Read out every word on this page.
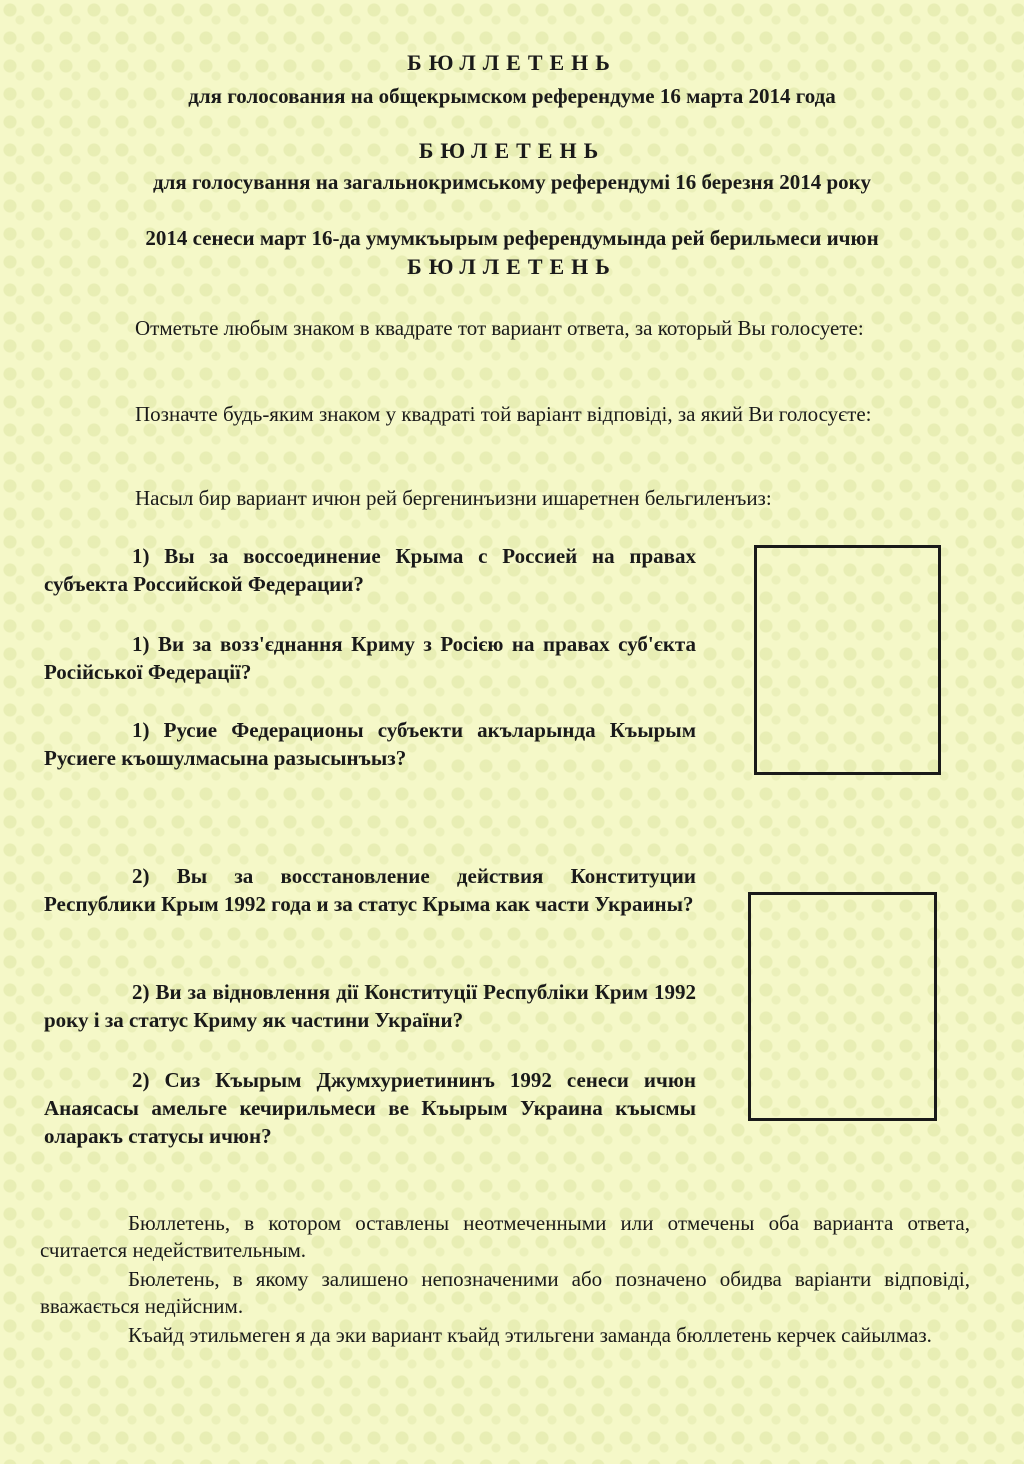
БЮЛЛЕТЕНЬ
для голосования на общекрымском референдуме 16 марта 2014 года
БЮЛЕТЕНЬ
для голосування на загальнокримському референдумі 16 березня 2014 року
2014 сенеси март 16-да умумкъырым референдумында рей берильмеси ичюн
БЮЛЛЕТЕНЬ
Отметьте любым знаком в квадрате тот вариант ответа, за который Вы голосуете:
Позначте будь-яким знаком у квадраті той варіант відповіді, за який Ви голосуєте:
Насыл бир вариант ичюн рей бергенинъизни ишаретнен бельгиленъиз:
1) Вы за воссоединение Крыма с Россией на правах субъекта Российской Федерации?
1) Ви за возз'єднання Криму з Росією на правах суб'єкта Російської Федерації?
1) Русие Федерационы субъекти акъларында Къырым Русиеге къошулмасына разысынъыз?
2) Вы за восстановление действия Конституции Республики Крым 1992 года и за статус Крыма как части Украины?
2) Ви за відновлення дії Конституції Республіки Крим 1992 року і за статус Криму як частини України?
2) Сиз Къырым Джумхуриетининъ 1992 сенеси ичюн Анаясасы амельге кечирильмеси ве Къырым Украина къысмы оларакъ статусы ичюн?
Бюллетень, в котором оставлены неотмеченными или отмечены оба варианта ответа, считается недействительным.
Бюлетень, в якому залишено непозначеними або позначено обидва варіанти відповіді, вважається недійсним.
Къайд этильмеген я да эки вариант къайд этильгени заманда бюллетень керчек сайылмаз.
